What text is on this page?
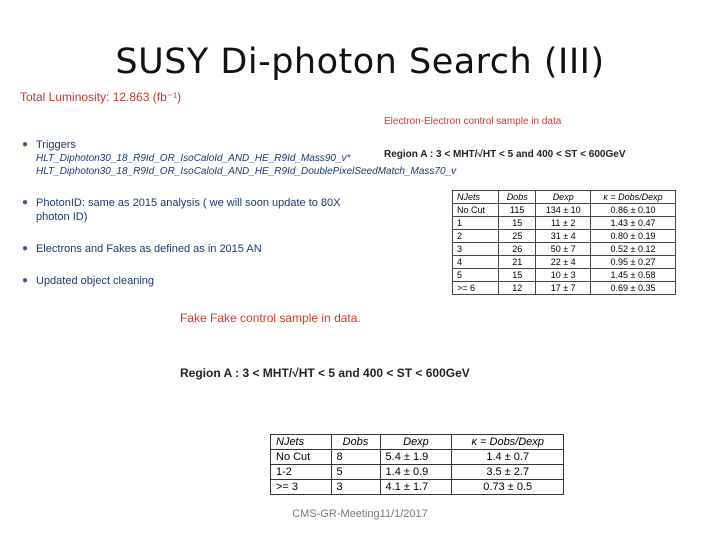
SUSY Di-photon Search (III)
Total Luminosity: 12.863 (fb⁻¹)
● Triggers
HLT_Diphoton30_18_R9Id_OR_IsoCaloId_AND_HE_R9Id_Mass90_v*
HLT_Diphoton30_18_R9Id_OR_IsoCaloId_AND_HE_R9Id_DoublePixelSeedMatch_Mass70_v
● PhotonID: same as 2015 analysis ( we will soon update to 80X photon ID)
● Electrons and Fakes as defined as in 2015 AN
● Updated object cleaning
Electron-Electron control sample in data
Region A : 3 < MHT/√HT < 5 and 400 < ST < 600GeV
NJets	Dobs	Dexp	κ = Dobs/Dexp
No Cut	115	134 ± 10	0.86 ± 0.10
1	15	11 ± 2	1.43 ± 0.47
2	25	31 ± 4	0.80 ± 0.19
3	26	50 ± 7	0.52 ± 0.12
4	21	22 ± 4	0.95 ± 0.27
5	15	10 ± 3	1.45 ± 0.58
>= 6	12	17 ± 7	0.69 ± 0.35
Fake Fake control sample in data.
Region A : 3 < MHT/√HT < 5 and 400 < ST < 600GeV
NJets	Dobs	Dexp	κ = Dobs/Dexp
No Cut	8	5.4 ± 1.9	1.4 ± 0.7
1-2	5	1.4 ± 0.9	3.5 ± 2.7
>= 3	3	4.1 ± 1.7	0.73 ± 0.5
CMS-GR-Meeting11/1/2017
